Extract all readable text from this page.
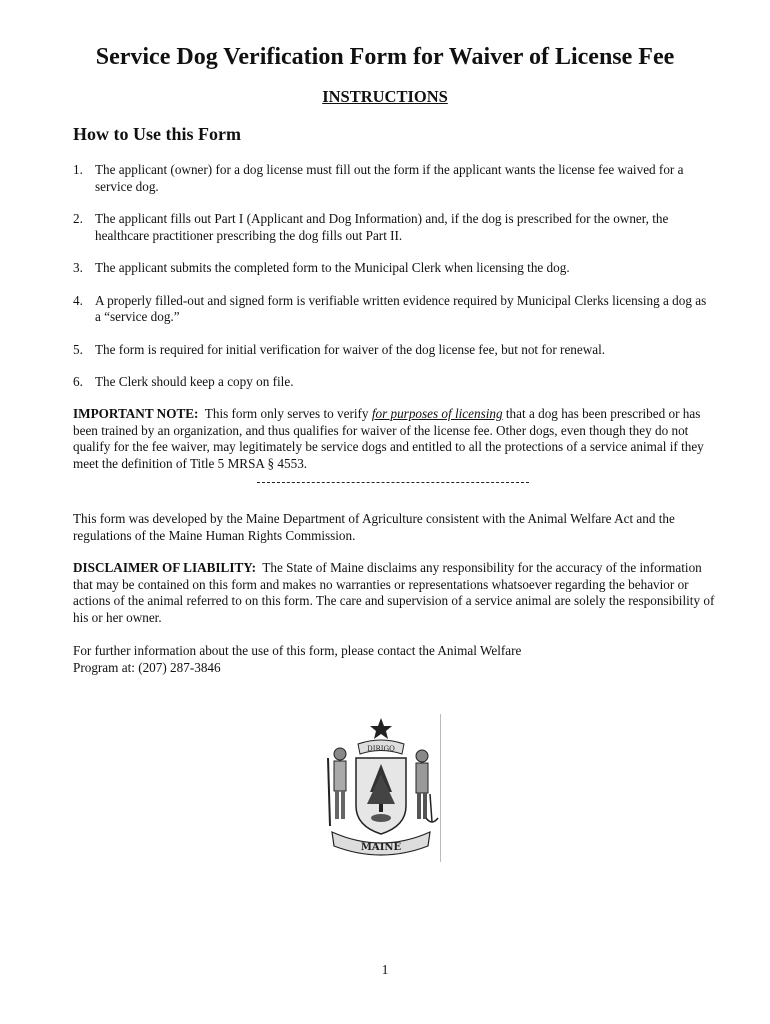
Service Dog Verification Form for Waiver of License Fee
INSTRUCTIONS
How to Use this Form
1. The applicant (owner) for a dog license must fill out the form if the applicant wants the license fee waived for a service dog.
2. The applicant fills out Part I (Applicant and Dog Information) and, if the dog is prescribed for the owner, the healthcare practitioner prescribing the dog fills out Part II.
3. The applicant submits the completed form to the Municipal Clerk when licensing the dog.
4. A properly filled-out and signed form is verifiable written evidence required by Municipal Clerks licensing a dog as a “service dog.”
5. The form is required for initial verification for waiver of the dog license fee, but not for renewal.
6. The Clerk should keep a copy on file.
IMPORTANT NOTE: This form only serves to verify for purposes of licensing that a dog has been prescribed or has been trained by an organization, and thus qualifies for waiver of the license fee. Other dogs, even though they do not qualify for the fee waiver, may legitimately be service dogs and entitled to all the protections of a service animal if they meet the definition of Title 5 MRSA § 4553.
This form was developed by the Maine Department of Agriculture consistent with the Animal Welfare Act and the regulations of the Maine Human Rights Commission.
DISCLAIMER OF LIABILITY: The State of Maine disclaims any responsibility for the accuracy of the information that may be contained on this form and makes no warranties or representations whatsoever regarding the behavior or actions of the animal referred to on this form. The care and supervision of a service animal are solely the responsibility of his or her owner.
For further information about the use of this form, please contact the Animal Welfare
Program at: (207) 287-3846
DIRIGO
MAINE
1
